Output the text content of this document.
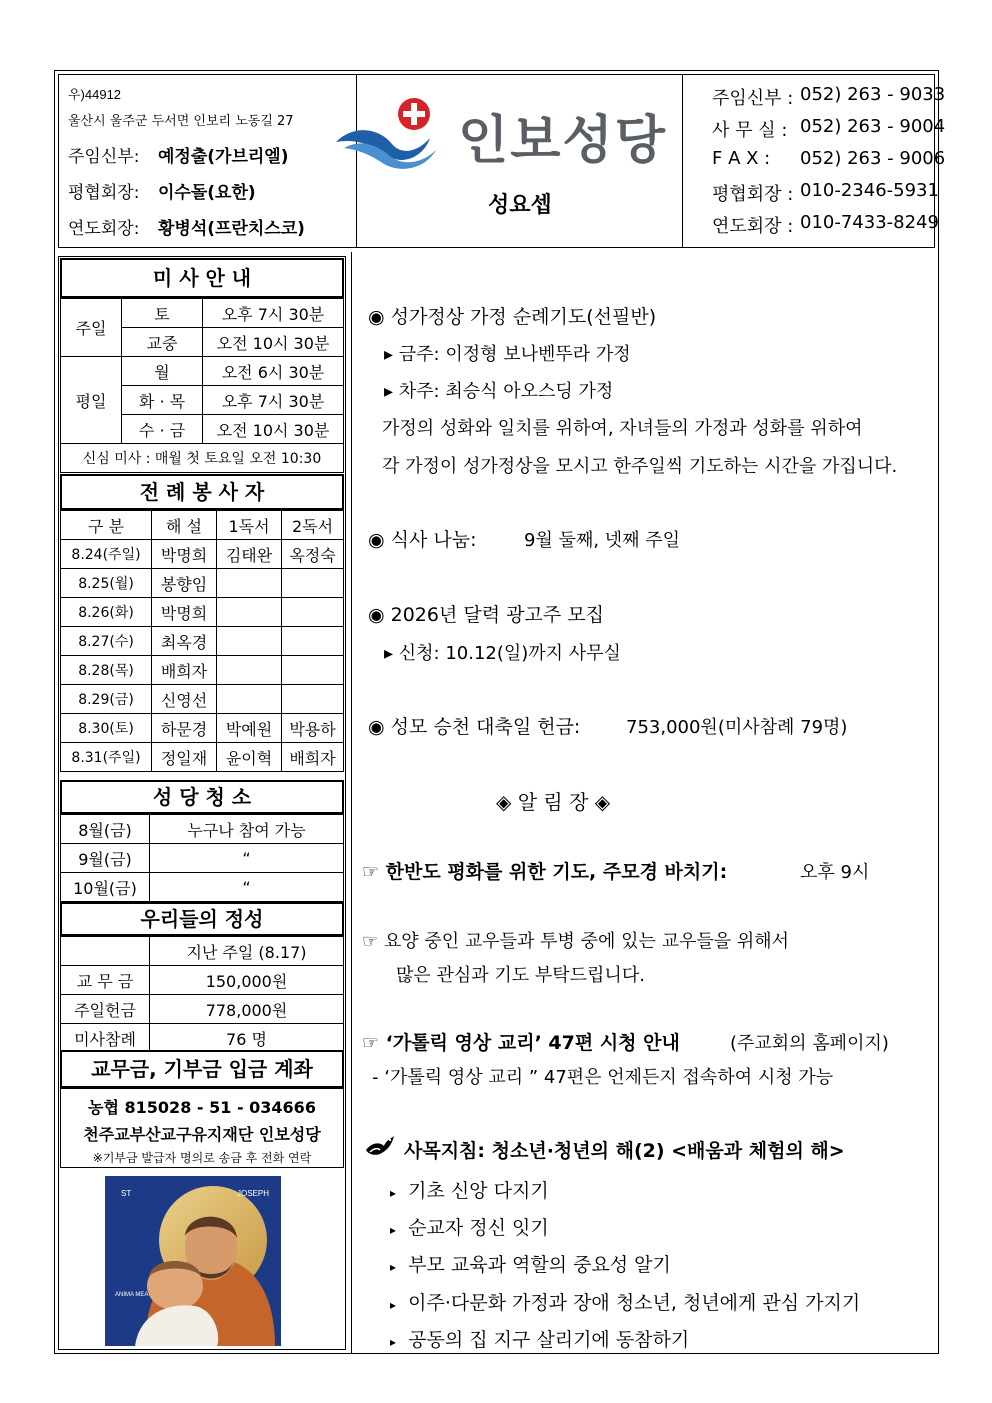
우)44912
울산시 울주군 두서면 인보리 노동길 27
주임신부: 예정출(가브리엘)
평협회장: 이수돌(요한)
연도회장: 황병석(프란치스코)
인보성당
성요셉
주임신부 : 052) 263 - 9033
사 무 실 : 052) 263 - 9004
F A X : 052) 263 - 9006
평협회장 : 010-2346-5931
연도회장 : 010-7433-8249
미 사 안 내
주일	토	오후 7시 30분
	교중	오전 10시 30분
평일	월	오전 6시 30분
	화 · 목	오후 7시 30분
	수 · 금	오전 10시 30분
신심 미사 : 매월 첫 토요일 오전 10:30		
전 례 봉 사 자
구 분	해 설	1독서	2독서
8.24(주일)	박명희	김태완	옥정숙
8.25(월)	봉향임		
8.26(화)	박명희		
8.27(수)	최옥경		
8.28(목)	배희자		
8.29(금)	신영선		
8.30(토)	하문경	박예원	박용하
8.31(주일)	정일재	윤이혁	배희자
성 당 청 소
8월(금)	누구나 참여 가능
9월(금)	“
10월(금)	“
우리들의 정성
	지난 주일 (8.17)
교 무 금	150,000원
주일헌금	778,000원
미사참례	76 명
교무금, 기부금 입금 계좌
농협 815028 - 51 - 034666
천주교부산교구유지재단 인보성당
※기부금 발급자 명의로 송금 후 전화 연락
ST	JOSEPH
ANIMA MEA
◉ 성가정상 가정 순례기도(선필반)
▸ 금주: 이정형 보나벤뚜라 가정
▸ 차주: 최승식 아오스딩 가정
가정의 성화와 일치를 위하여, 자녀들의 가정과 성화를 위하여
각 가정이 성가정상을 모시고 한주일씩 기도하는 시간을 가집니다.
◉ 식사 나눔:	9월 둘째, 넷째 주일
◉ 2026년 달력 광고주 모집
▸ 신청: 10.12(일)까지 사무실
◉ 성모 승천 대축일 헌금:	753,000원(미사참례 79명)
◈ 알 림 장 ◈
☞ 한반도 평화를 위한 기도, 주모경 바치기:	오후 9시
☞ 요양 중인 교우들과 투병 중에 있는 교우들을 위해서
많은 관심과 기도 부탁드립니다.
☞ ‘가톨릭 영상 교리’ 47편 시청 안내	(주교회의 홈페이지)
- ‘가톨릭 영상 교리 ” 47편은 언제든지 접속하여 시청 가능
사목지침: 청소년·청년의 해(2) <배움과 체험의 해>
▸ 기초 신앙 다지기
▸ 순교자 정신 잇기
▸ 부모 교육과 역할의 중요성 알기
▸ 이주·다문화 가정과 장애 청소년, 청년에게 관심 가지기
▸ 공동의 집 지구 살리기에 동참하기
